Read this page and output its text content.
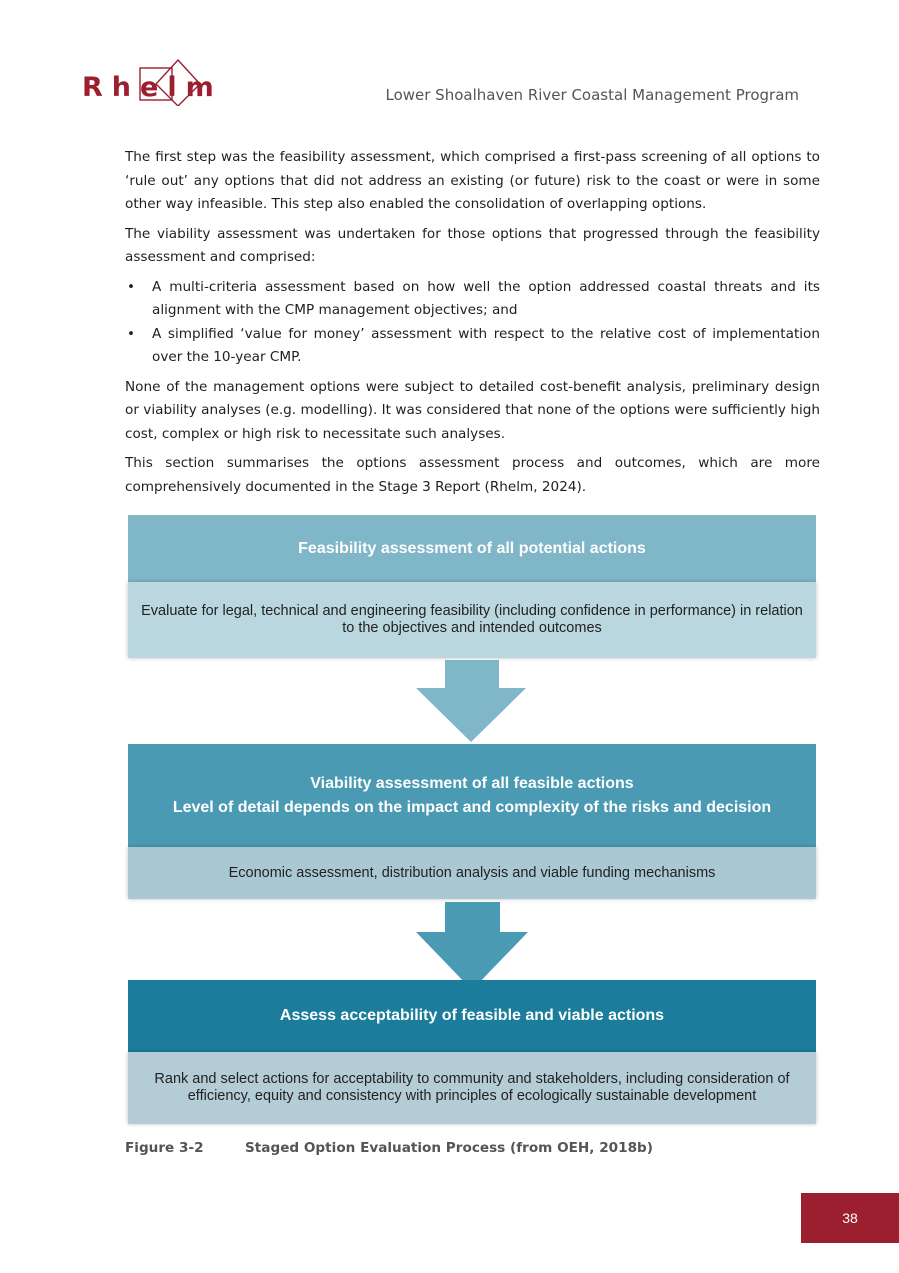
Rhelm	Lower Shoalhaven River Coastal Management Program

The first step was the feasibility assessment, which comprised a first-pass screening of all options to ‘rule out’ any options that did not address an existing (or future) risk to the coast or were in some other way infeasible. This step also enabled the consolidation of overlapping options.

The viability assessment was undertaken for those options that progressed through the feasibility assessment and comprised:

• A multi-criteria assessment based on how well the option addressed coastal threats and its alignment with the CMP management objectives; and
• A simplified ‘value for money’ assessment with respect to the relative cost of implementation over the 10-year CMP.

None of the management options were subject to detailed cost-benefit analysis, preliminary design or viability analyses (e.g. modelling). It was considered that none of the options were sufficiently high cost, complex or high risk to necessitate such analyses.

This section summarises the options assessment process and outcomes, which are more comprehensively documented in the Stage 3 Report (Rhelm, 2024).

Feasibility assessment of all potential actions
Evaluate for legal, technical and engineering feasibility (including confidence in performance) in relation to the objectives and intended outcomes
Viability assessment of all feasible actions
Level of detail depends on the impact and complexity of the risks and decision
Economic assessment, distribution analysis and viable funding mechanisms
Assess acceptability of feasible and viable actions
Rank and select actions for acceptability to community and stakeholders, including consideration of efficiency, equity and consistency with principles of ecologically sustainable development
Figure 3-2	Staged Option Evaluation Process (from OEH, 2018b)
38
